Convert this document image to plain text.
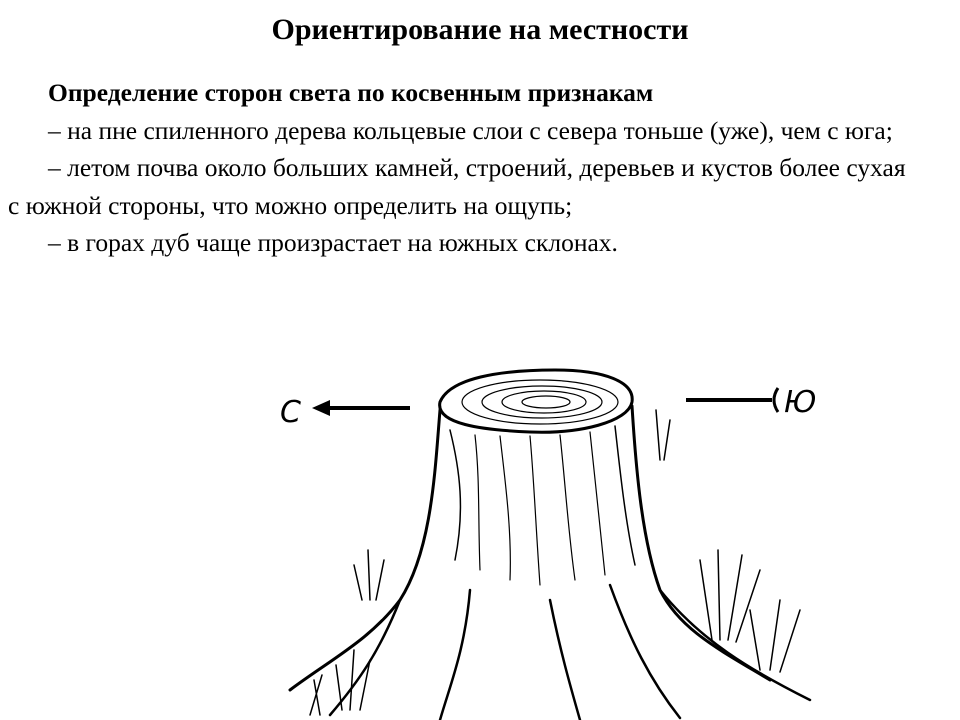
Ориентирование на местности

Определение сторон света по косвенным признакам

– на пне спиленного дерева кольцевые слои с севера тоньше (уже), чем с юга;

– летом почва около больших камней, строений, деревьев и кустов более сухая с южной стороны, что можно определить на ощупь;

– в горах дуб чаще произрастает на южных склонах.

С	Ю
